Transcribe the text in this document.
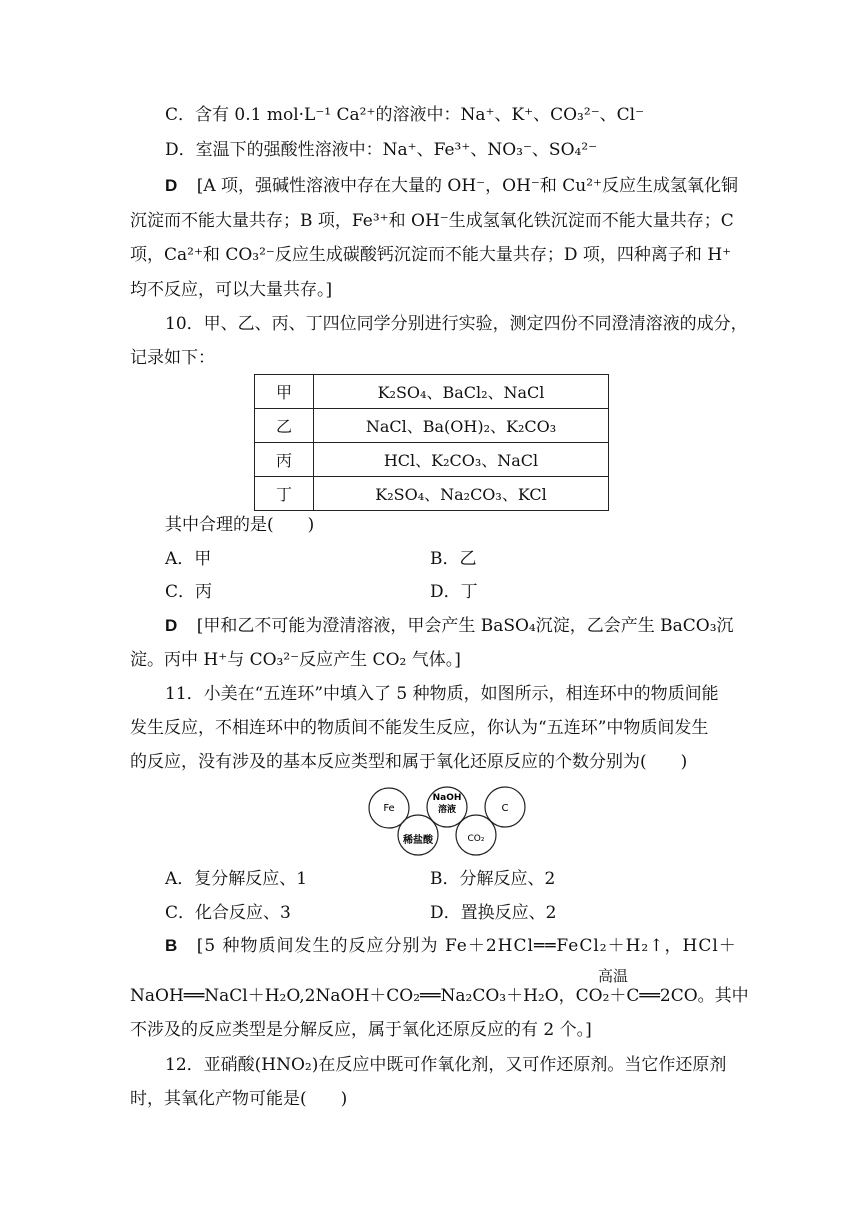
C．含有 0.1 mol·L⁻¹ Ca²⁺的溶液中：Na⁺、K⁺、CO₃²⁻、Cl⁻
D．室温下的强酸性溶液中：Na⁺、Fe³⁺、NO₃⁻、SO₄²⁻
D [A 项，强碱性溶液中存在大量的 OH⁻，OH⁻和 Cu²⁺反应生成氢氧化铜
沉淀而不能大量共存；B 项，Fe³⁺和 OH⁻生成氢氧化铁沉淀而不能大量共存；C
项，Ca²⁺和 CO₃²⁻反应生成碳酸钙沉淀而不能大量共存；D 项，四种离子和 H⁺
均不反应，可以大量共存。]
10．甲、乙、丙、丁四位同学分别进行实验，测定四份不同澄清溶液的成分，
记录如下：
甲	K₂SO₄、BaCl₂、NaCl
乙	NaCl、Ba(OH)₂、K₂CO₃
丙	HCl、K₂CO₃、NaCl
丁	K₂SO₄、Na₂CO₃、KCl
其中合理的是(　　)
A．甲	B．乙
C．丙	D．丁
D [甲和乙不可能为澄清溶液，甲会产生 BaSO₄沉淀，乙会产生 BaCO₃沉
淀。丙中 H⁺与 CO₃²⁻反应产生 CO₂ 气体。]
11．小美在“五连环”中填入了 5 种物质，如图所示，相连环中的物质间能
发生反应，不相连环中的物质间不能发生反应，你认为“五连环”中物质间发生
的反应，没有涉及的基本反应类型和属于氧化还原反应的个数分别为(　　)
Fe
NaOH
溶液	C
稀盐酸	CO₂
A．复分解反应、1	B．分解反应、2
C．化合反应、3	D．置换反应、2
B [5 种物质间发生的反应分别为 Fe＋2HCl══FeCl₂＋H₂↑，HCl＋
高温
NaOH══NaCl＋H₂O,2NaOH＋CO₂══Na₂CO₃＋H₂O，CO₂＋C══2CO。其中
不涉及的反应类型是分解反应，属于氧化还原反应的有 2 个。]
12．亚硝酸(HNO₂)在反应中既可作氧化剂，又可作还原剂。当它作还原剂
时，其氧化产物可能是(　　)
